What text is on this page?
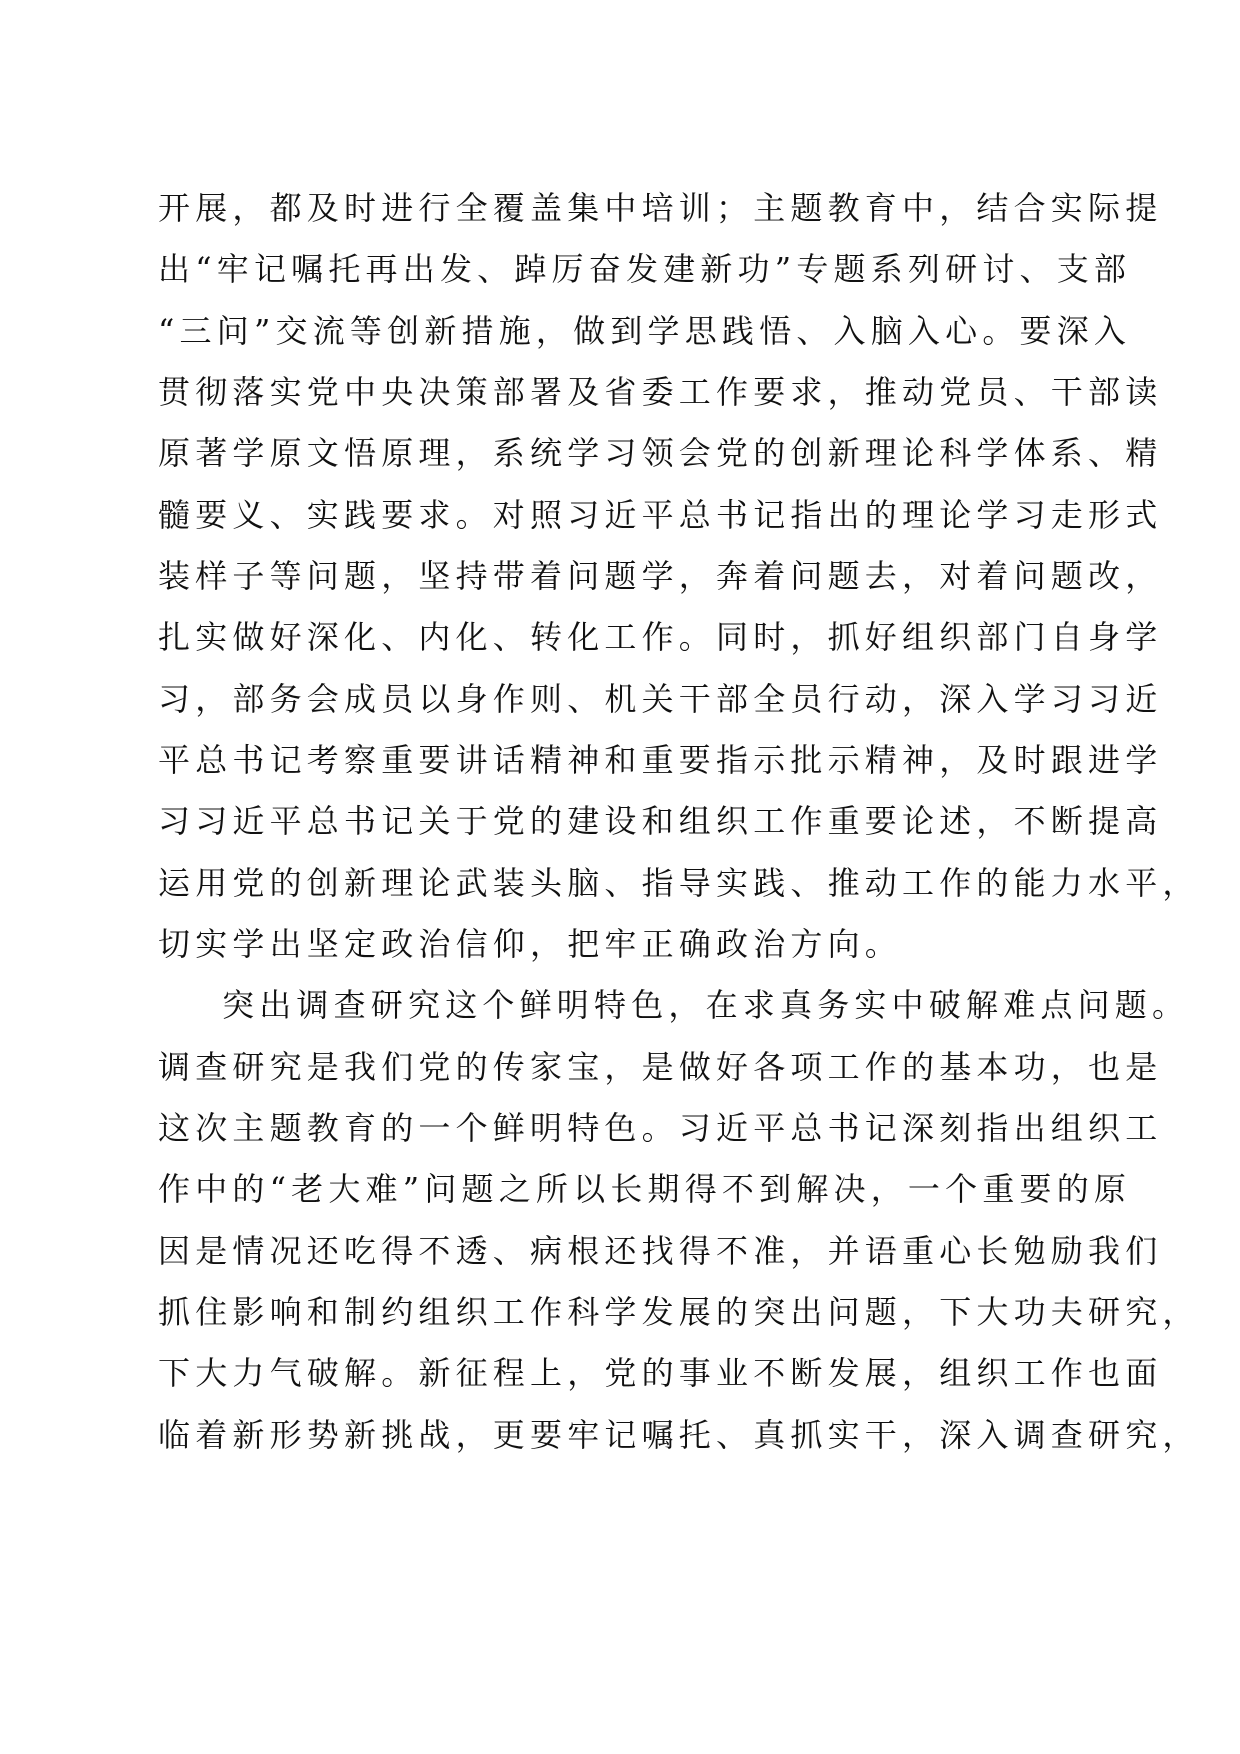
开展，都及时进行全覆盖集中培训；主题教育中，结合实际提
出“牢记嘱托再出发、踔厉奋发建新功”专题系列研讨、支部
“三问”交流等创新措施，做到学思践悟、入脑入心。要深入
贯彻落实党中央决策部署及省委工作要求，推动党员、干部读
原著学原文悟原理，系统学习领会党的创新理论科学体系、精
髓要义、实践要求。对照习近平总书记指出的理论学习走形式
装样子等问题，坚持带着问题学，奔着问题去，对着问题改，
扎实做好深化、内化、转化工作。同时，抓好组织部门自身学
习，部务会成员以身作则、机关干部全员行动，深入学习习近
平总书记考察重要讲话精神和重要指示批示精神，及时跟进学
习习近平总书记关于党的建设和组织工作重要论述，不断提高
运用党的创新理论武装头脑、指导实践、推动工作的能力水平，
切实学出坚定政治信仰，把牢正确政治方向。
突出调查研究这个鲜明特色，在求真务实中破解难点问题。
调查研究是我们党的传家宝，是做好各项工作的基本功，也是
这次主题教育的一个鲜明特色。习近平总书记深刻指出组织工
作中的“老大难”问题之所以长期得不到解决，一个重要的原
因是情况还吃得不透、病根还找得不准，并语重心长勉励我们
抓住影响和制约组织工作科学发展的突出问题，下大功夫研究，
下大力气破解。新征程上，党的事业不断发展，组织工作也面
临着新形势新挑战，更要牢记嘱托、真抓实干，深入调查研究，
